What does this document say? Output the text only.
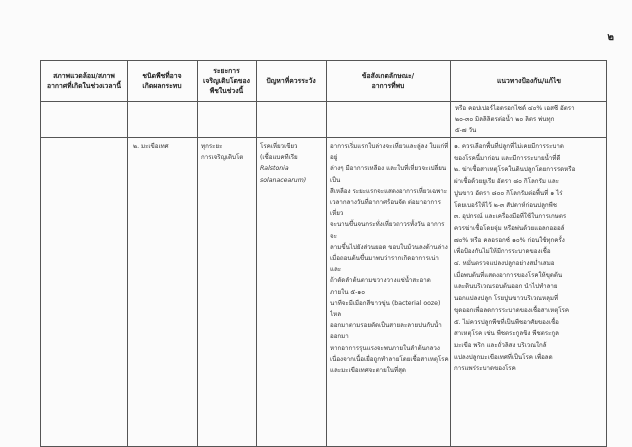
๒
สภาพแวดล้อม/สภาพ
อากาศที่เกิดในช่วงเวลานี้
ชนิดพืชที่อาจ
เกิดผลกระทบ
ระยะการ
เจริญเติบโตของ
พืชในช่วงนี้
ปัญหาที่ควรระวัง
ข้อสังเกตลักษณะ/
อาการที่พบ
แนวทางป้องกัน/แก้ไข
หรือ คอปเปอร์ไฮดรอกไซด์ ๔๐% เอสซี อัตรา
๒๐-๓๐ มิลลิลิตรต่อน้ำ ๒๐ ลิตร พ่นทุก
๕-๗ วัน
๒. มะเขือเทศ	ทุกระยะ
การเจริญเติบโต
โรคเหี่ยวเขียว
(เชื้อแบคทีเรีย
Ralstonia
solanacearum)
อาการเริ่มแรกใบล่างจะเหี่ยวและลู่ลง ใบแก่ที่อยู่
ล่างๆ มีอาการเหลือง และใบที่เหี่ยวจะเปลี่ยนเป็น
สีเหลือง ระยะแรกจะแสดงอาการเหี่ยวเฉพาะ
เวลากลางวันที่อากาศร้อนจัด ต่อมาอาการเหี่ยว
จะนานขึ้นจนกระทั่งเหี่ยวถาวรทั้งวัน อาการจะ
ลามขึ้นไปยังส่วนยอด ขอบใบม้วนลงด้านล่าง
เมื่อถอนต้นขึ้นมาพบว่ารากเกิดอาการเน่า และ
ถ้าตัดลำต้นตามขวางวางแช่น้ำสะอาด ภายใน ๕-๑๐
นาทีจะมีเมือกสีขาวขุ่น (bacterial ooze) ไหล
ออกมาตามรอยตัดเป็นสายละลายปนกับน้ำออกมา
หากอาการรุนแรงจะพบภายในลำต้นกลวง
เนื่องจากเนื้อเยื่อถูกทำลายโดยเชื้อสาเหตุโรค
และมะเขือเทศจะตายในที่สุด
๑. ควรเลือกพื้นที่ปลูกที่ไม่เคยมีการระบาด
ของโรคนี้มาก่อน และมีการระบายน้ำที่ดี
๒. ฆ่าเชื้อสาเหตุโรคในดินปลูกโดยการรดหรือ
ผ่าเชื้อด้วยยูเรีย อัตรา ๘๐ กิโลกรัม และ
ปูนขาว อัตรา ๘๐๐ กิโลกรัมต่อพื้นที่ ๑ ไร่
โดยเบอร์ให้ไว้ ๒-๓ สัปดาห์ก่อนปลูกพืช
๓. อุปกรณ์ และเครื่องมือที่ใช้ในการเกษตร
ควรฆ่าเชื้อโดยจุ่ม หรือพ่นด้วยแอลกอฮอล์
๗๐% หรือ คลอรอกซ์ ๑๐% ก่อนใช้ทุกครั้ง
เพื่อป้องกันไม่ให้มีการระบาดของเชื้อ
๔. หมั่นตรวจแปลงปลูกอย่างสม่ำเสมอ
เมื่อพบต้นที่แสดงอาการของโรคให้ขุดต้น
และดินบริเวณรอบต้นออก นำไปทำลาย
นอกแปลงปลูก โรยปูนขาวบริเวณหลุมที่
ขุดออกเพื่อลดการระบาดของเชื้อสาเหตุโรค
๕. ไม่ควรปลูกพืชที่เป็นพืชอาศัยของเชื้อ
สาเหตุโรค เช่น พืชตระกูลขิง พืชตระกูล
มะเขือ พริก และถั่วลิสง บริเวณใกล้
แปลงปลูกมะเขือเทศที่เป็นโรค เพื่อลด
การแพร่ระบาดของโรค
